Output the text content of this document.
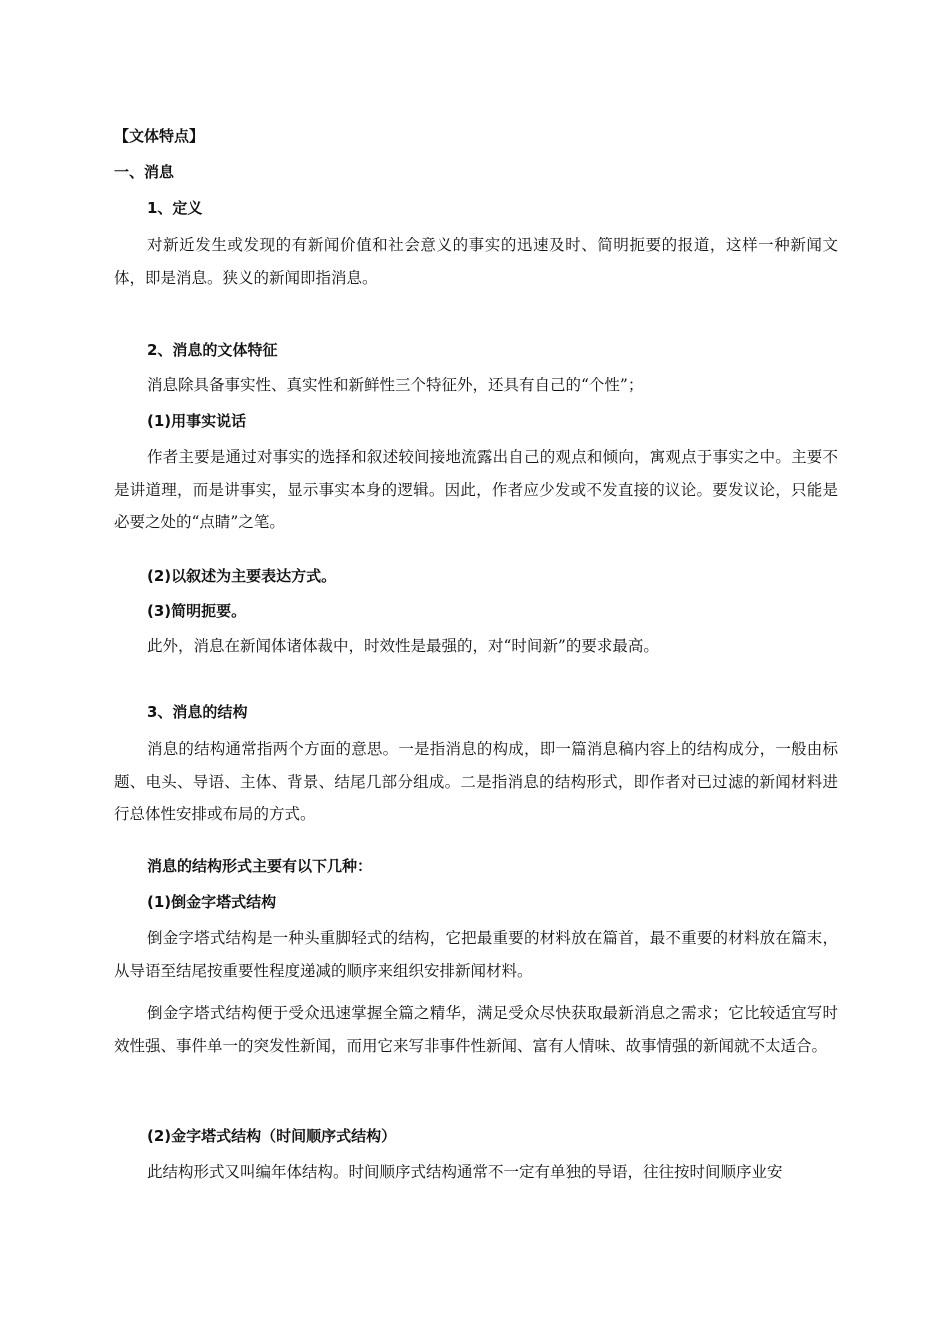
【文体特点】
一、消息
1、定义
对新近发生或发现的有新闻价值和社会意义的事实的迅速及时、简明扼要的报道，这样一种新闻文体，即是消息。狭义的新闻即指消息。
2、消息的文体特征
消息除具备事实性、真实性和新鲜性三个特征外，还具有自己的“个性”；
(1)用事实说话
作者主要是通过对事实的选择和叙述较间接地流露出自己的观点和倾向，寓观点于事实之中。主要不是讲道理，而是讲事实，显示事实本身的逻辑。因此，作者应少发或不发直接的议论。要发议论，只能是必要之处的“点睛”之笔。
(2)以叙述为主要表达方式。
(3)简明扼要。
此外，消息在新闻体诸体裁中，时效性是最强的，对“时间新”的要求最高。
3、消息的结构
消息的结构通常指两个方面的意思。一是指消息的构成，即一篇消息稿内容上的结构成分，一般由标题、电头、导语、主体、背景、结尾几部分组成。二是指消息的结构形式，即作者对已过滤的新闻材料进行总体性安排或布局的方式。
消息的结构形式主要有以下几种：
(1)倒金字塔式结构
倒金字塔式结构是一种头重脚轻式的结构，它把最重要的材料放在篇首，最不重要的材料放在篇末，从导语至结尾按重要性程度递减的顺序来组织安排新闻材料。
倒金字塔式结构便于受众迅速掌握全篇之精华，满足受众尽快获取最新消息之需求；它比较适宜写时效性强、事件单一的突发性新闻，而用它来写非事件性新闻、富有人情味、故事情强的新闻就不太适合。
(2)金字塔式结构（时间顺序式结构）
此结构形式又叫编年体结构。时间顺序式结构通常不一定有单独的导语，往往按时间顺序业安
